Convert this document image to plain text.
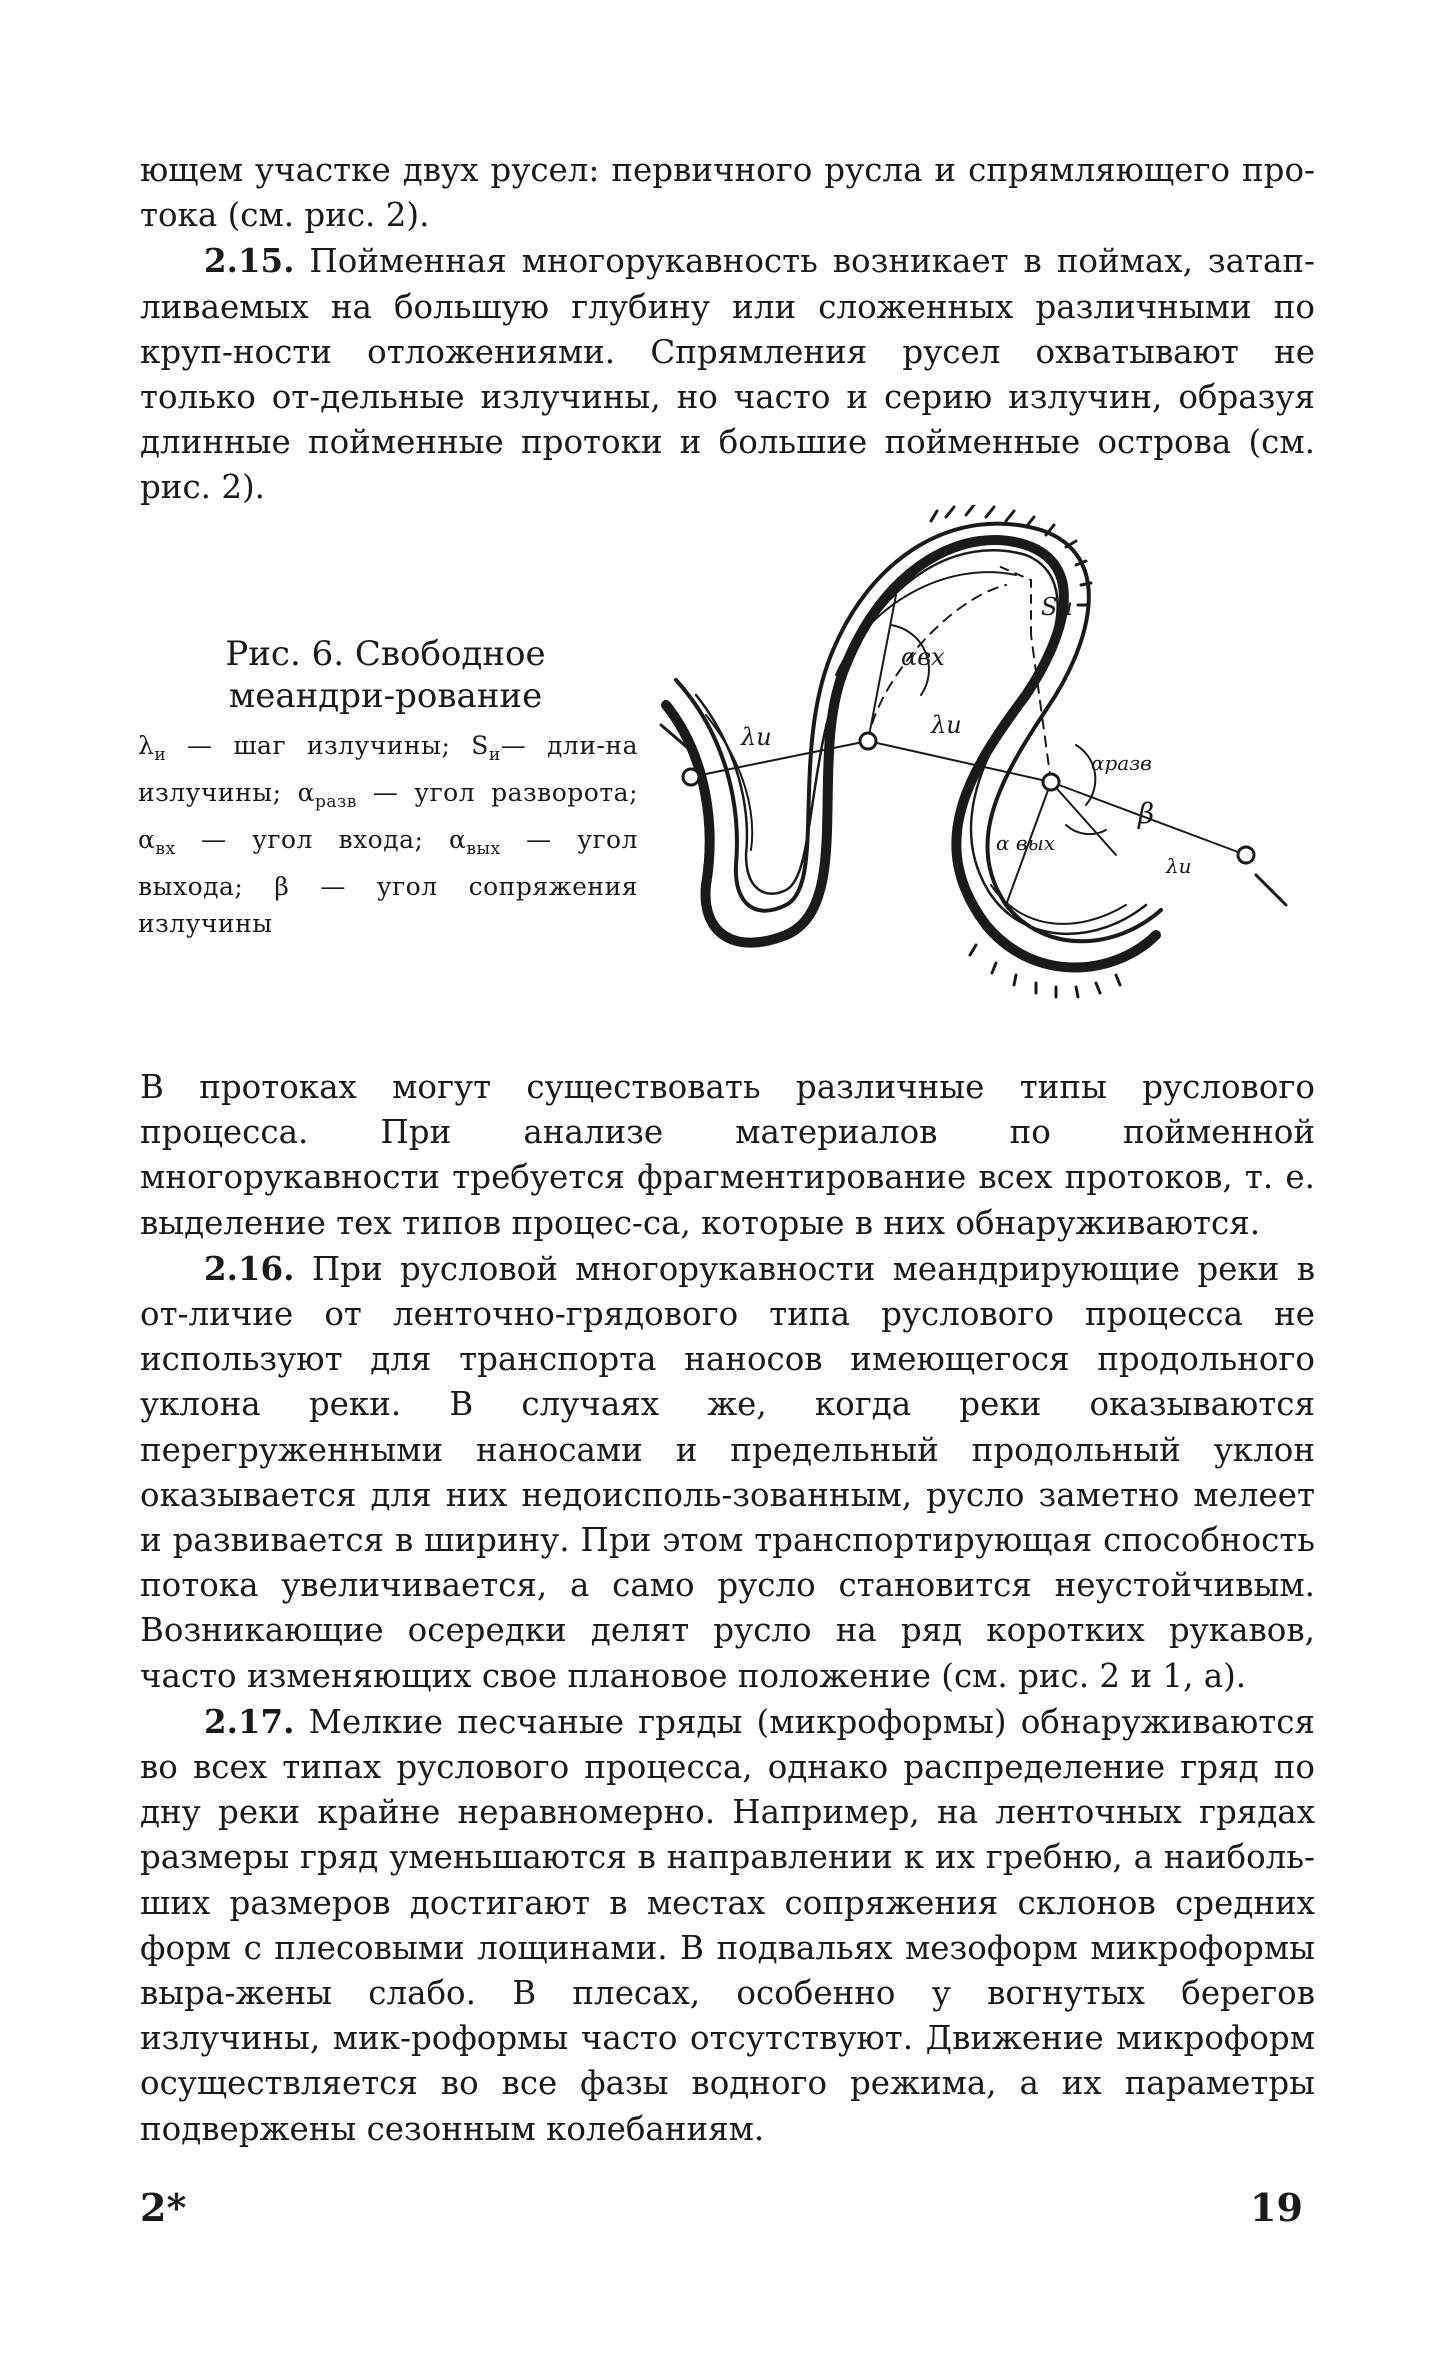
ющем участке двух русел: первичного русла и спрямляющего про- тока (см. рис. 2).

2.15. Пойменная многорукавность возникает в поймах, затап-ливаемых на большую глубину или сложенных различными по круп-ности отложениями. Спрямления русел охватывают не только от-дельные излучины, но часто и серию излучин, образуя длинные пойменные протоки и большие пойменные острова (см. рис. 2).

Рис. 6. Свободное меандри-рование

$\lambda_и$ — шаг излучины; $S_и—$ дли-на излучины; $\alpha_{разв}$ — угол разворота; $\alpha_{вх}$ — угол входа; $\alpha_{вых}$ — угол выхода; β — угол сопряжения излучины

λи	λи
Sи
αвх
αразв
α вых
β
λи

В протоках могут существовать различные типы руслового процесса. При анализе материалов по пойменной многорукавности требуется фрагментирование всех протоков, т. е. выделение тех типов процес-са, которые в них обнаруживаются.

2.16. При русловой многорукавности меандрирующие реки в от-личие от ленточно-грядового типа руслового процесса не используют для транспорта наносов имеющегося продольного уклона реки. В случаях же, когда реки оказываются перегруженными наносами и предельный продольный уклон оказывается для них недоисполь-зованным, русло заметно мелеет и развивается в ширину. При этом транспортирующая способность потока увеличивается, а само русло становится неустойчивым. Возникающие осередки делят русло на ряд коротких рукавов, часто изменяющих свое плановое положение (см. рис. 2 и 1, а).

2.17. Мелкие песчаные гряды (микроформы) обнаруживаются во всех типах руслового процесса, однако распределение гряд по дну реки крайне неравномерно. Например, на ленточных грядах размеры гряд уменьшаются в направлении к их гребню, а наиболь-ших размеров достигают в местах сопряжения склонов средних форм с плесовыми лощинами. В подвальях мезоформ микроформы выра-жены слабо. В плесах, особенно у вогнутых берегов излучины, мик-роформы часто отсутствуют. Движение микроформ осуществляется во все фазы водного режима, а их параметры подвержены сезонным колебаниям.

2*	19
